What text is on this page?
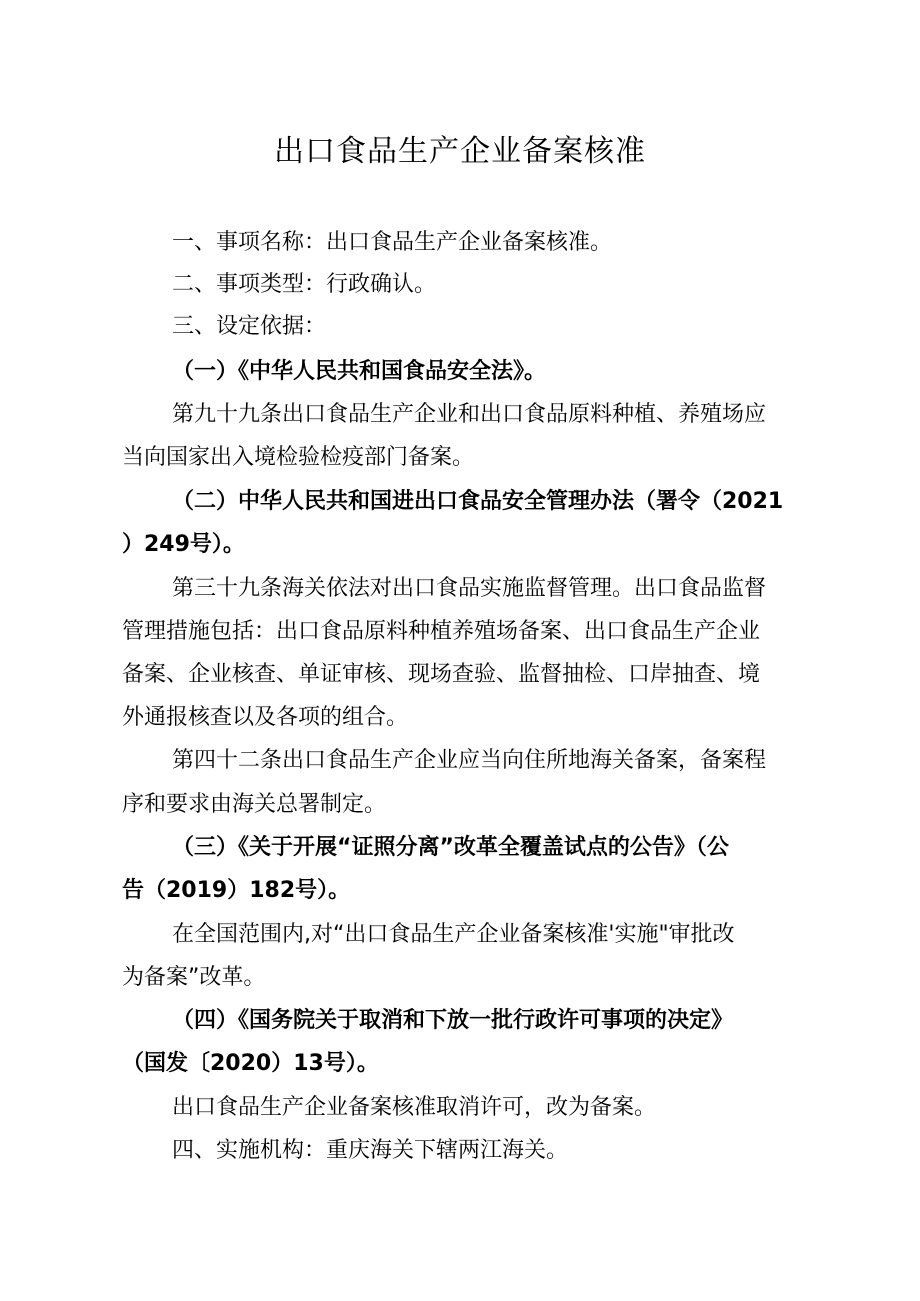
出口食品生产企业备案核准
一、事项名称：出口食品生产企业备案核准。
二、事项类型：行政确认。
三、设定依据：
（一）《中华人民共和国食品安全法》。
第九十九条出口食品生产企业和出口食品原料种植、养殖场应
当向国家出入境检验检疫部门备案。
（二）中华人民共和国进出口食品安全管理办法（署令（2021
）249号）。
第三十九条海关依法对出口食品实施监督管理。出口食品监督
管理措施包括：出口食品原料种植养殖场备案、出口食品生产企业
备案、企业核查、单证审核、现场查验、监督抽检、口岸抽查、境
外通报核查以及各项的组合。
第四十二条出口食品生产企业应当向住所地海关备案，备案程
序和要求由海关总署制定。
（三）《关于开展“证照分离”改革全覆盖试点的公告》（公
告（2019）182号）。
在全国范围内,对“出口食品生产企业备案核准'实施"审批改
为备案”改革。
（四）《国务院关于取消和下放一批行政许可事项的决定》
（国发〔2020）13号）。
出口食品生产企业备案核准取消许可，改为备案。
四、实施机构：重庆海关下辖两江海关。
